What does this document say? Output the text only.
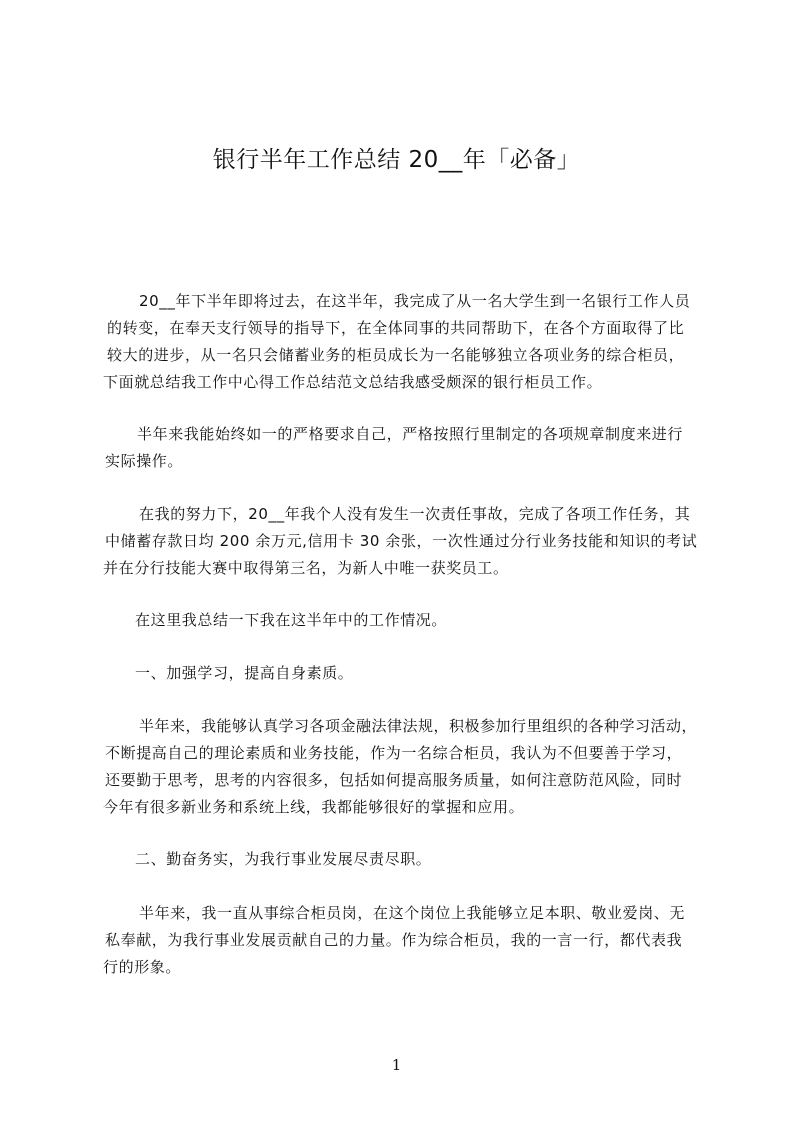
银行半年工作总结 20__年「必备」
20__年下半年即将过去，在这半年，我完成了从一名大学生到一名银行工作人员
的转变，在奉天支行领导的指导下，在全体同事的共同帮助下，在各个方面取得了比
较大的进步，从一名只会储蓄业务的柜员成长为一名能够独立各项业务的综合柜员，
下面就总结我工作中心得工作总结范文总结我感受颇深的银行柜员工作。
半年来我能始终如一的严格要求自己，严格按照行里制定的各项规章制度来进行
实际操作。
在我的努力下，20__年我个人没有发生一次责任事故，完成了各项工作任务，其
中储蓄存款日均 200 余万元,信用卡 30 余张，一次性通过分行业务技能和知识的考试
并在分行技能大赛中取得第三名，为新人中唯一获奖员工。
在这里我总结一下我在这半年中的工作情况。
一、加强学习，提高自身素质。
半年来，我能够认真学习各项金融法律法规，积极参加行里组织的各种学习活动，
不断提高自己的理论素质和业务技能，作为一名综合柜员，我认为不但要善于学习，
还要勤于思考，思考的内容很多，包括如何提高服务质量，如何注意防范风险，同时
今年有很多新业务和系统上线，我都能够很好的掌握和应用。
二、勤奋务实，为我行事业发展尽责尽职。
半年来，我一直从事综合柜员岗，在这个岗位上我能够立足本职、敬业爱岗、无
私奉献，为我行事业发展贡献自己的力量。作为综合柜员，我的一言一行，都代表我
行的形象。
1
